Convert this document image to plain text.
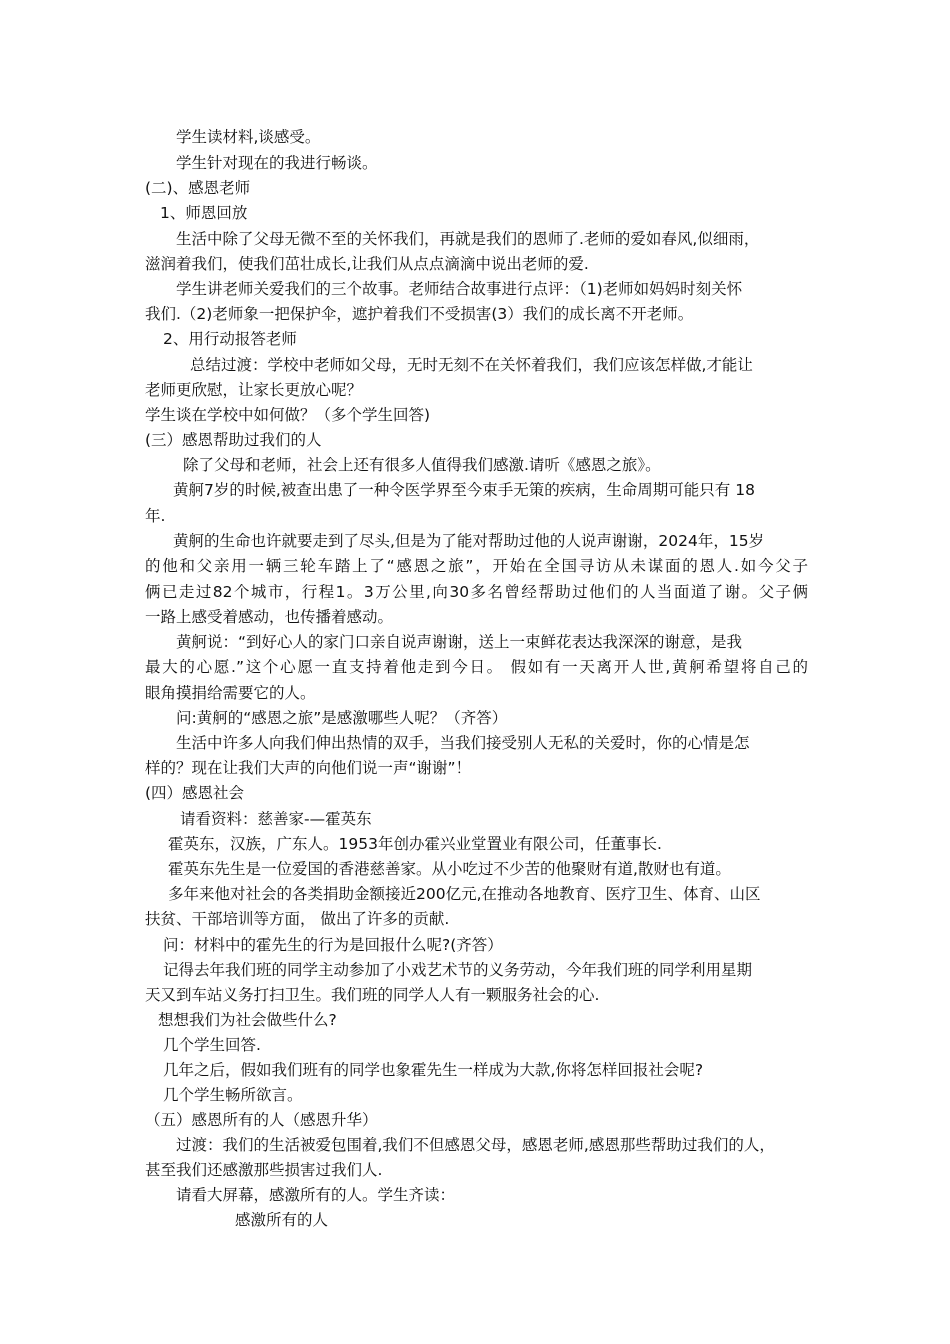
学生读材料,谈感受。
学生针对现在的我进行畅谈。
(二)、感恩老师
1、师恩回放
生活中除了父母无微不至的关怀我们，再就是我们的恩师了.老师的爱如春风,似细雨，
滋润着我们，使我们茁壮成长,让我们从点点滴滴中说出老师的爱.
学生讲老师关爱我们的三个故事。老师结合故事进行点评：（1)老师如妈妈时刻关怀
我们.（2)老师象一把保护伞，遮护着我们不受损害(3）我们的成长离不开老师。
2、用行动报答老师
总结过渡：学校中老师如父母，无时无刻不在关怀着我们，我们应该怎样做,才能让
老师更欣慰，让家长更放心呢？
学生谈在学校中如何做？（多个学生回答)
(三）感恩帮助过我们的人
除了父母和老师，社会上还有很多人值得我们感激.请听《感恩之旅》。
黄舸7岁的时候,被查出患了一种令医学界至今束手无策的疾病，生命周期可能只有 18
年.
黄舸的生命也许就要走到了尽头,但是为了能对帮助过他的人说声谢谢，2024年，15岁
的他和父亲用一辆三轮车踏上了“感恩之旅”，开始在全国寻访从未谋面的恩人.如今父子
俩已走过82个城市，行程1。3万公里,向30多名曾经帮助过他们的人当面道了谢。父子俩
一路上感受着感动，也传播着感动。
黄舸说：“到好心人的家门口亲自说声谢谢，送上一束鲜花表达我深深的谢意，是我
最大的心愿.”这个心愿一直支持着他走到今日。 假如有一天离开人世,黄舸希望将自己的
眼角摸捐给需要它的人。
问:黄舸的“感恩之旅”是感激哪些人呢？（齐答）
生活中许多人向我们伸出热情的双手，当我们接受别人无私的关爱时，你的心情是怎
样的？现在让我们大声的向他们说一声“谢谢”！
(四）感恩社会
请看资料：慈善家-—霍英东
霍英东，汉族，广东人。1953年创办霍兴业堂置业有限公司，任董事长.
霍英东先生是一位爱国的香港慈善家。从小吃过不少苦的他聚财有道,散财也有道。
多年来他对社会的各类捐助金额接近200亿元,在推动各地教育、医疗卫生、体育、山区
扶贫、干部培训等方面， 做出了许多的贡献.
问：材料中的霍先生的行为是回报什么呢?(齐答）
记得去年我们班的同学主动参加了小戏艺术节的义务劳动，今年我们班的同学利用星期
天又到车站义务打扫卫生。我们班的同学人人有一颗服务社会的心.
想想我们为社会做些什么?
几个学生回答.
几年之后，假如我们班有的同学也象霍先生一样成为大款,你将怎样回报社会呢?
几个学生畅所欲言。
（五）感恩所有的人（感恩升华）
过渡：我们的生活被爱包围着,我们不但感恩父母，感恩老师,感恩那些帮助过我们的人，
甚至我们还感激那些损害过我们人.
请看大屏幕，感激所有的人。学生齐读：
感激所有的人
